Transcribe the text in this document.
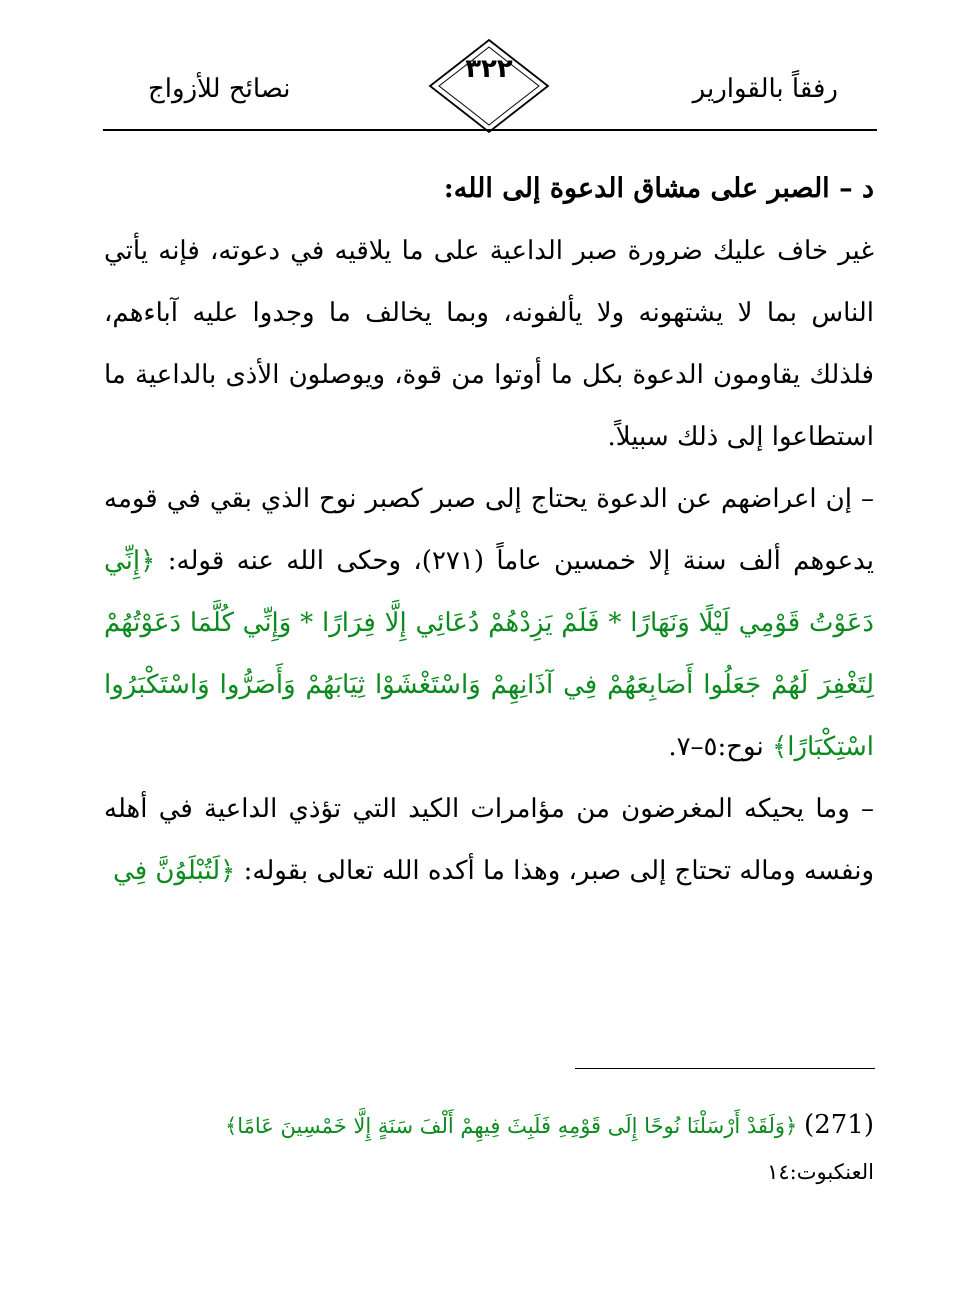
رفقاً بالقوارير
٣٢٢
نصائح للأزواج

د – الصبر على مشاق الدعوة إلى الله:

غير خاف عليك ضرورة صبر الداعية على ما يلاقيه في دعوته، فإنه يأتي الناس بما لا يشتهونه ولا يألفونه، وبما يخالف ما وجدوا عليه آباءهم، فلذلك يقاومون الدعوة بكل ما أوتوا من قوة، ويوصلون الأذى بالداعية ما استطاعوا إلى ذلك سبيلاً.

– إن اعراضهم عن الدعوة يحتاج إلى صبر كصبر نوح الذي بقي في قومه يدعوهم ألف سنة إلا خمسين عاماً (٢٧١)، وحكى الله عنه قوله: ﴿إِنِّي دَعَوْتُ قَوْمِي لَيْلًا وَنَهَارًا * فَلَمْ يَزِدْهُمْ دُعَائِي إِلَّا فِرَارًا * وَإِنِّي كُلَّمَا دَعَوْتُهُمْ لِتَغْفِرَ لَهُمْ جَعَلُوا أَصَابِعَهُمْ فِي آذَانِهِمْ وَاسْتَغْشَوْا ثِيَابَهُمْ وَأَصَرُّوا وَاسْتَكْبَرُوا اسْتِكْبَارًا﴾ نوح:٥–٧.

– وما يحيكه المغرضون من مؤامرات الكيد التي تؤذي الداعية في أهله ونفسه وماله تحتاج إلى صبر، وهذا ما أكده الله تعالى بقوله: ﴿لَتُبْلَوُنَّ فِي

(271) ﴿وَلَقَدْ أَرْسَلْنَا نُوحًا إِلَى قَوْمِهِ فَلَبِثَ فِيهِمْ أَلْفَ سَنَةٍ إِلَّا خَمْسِينَ عَامًا﴾
العنكبوت:١٤
